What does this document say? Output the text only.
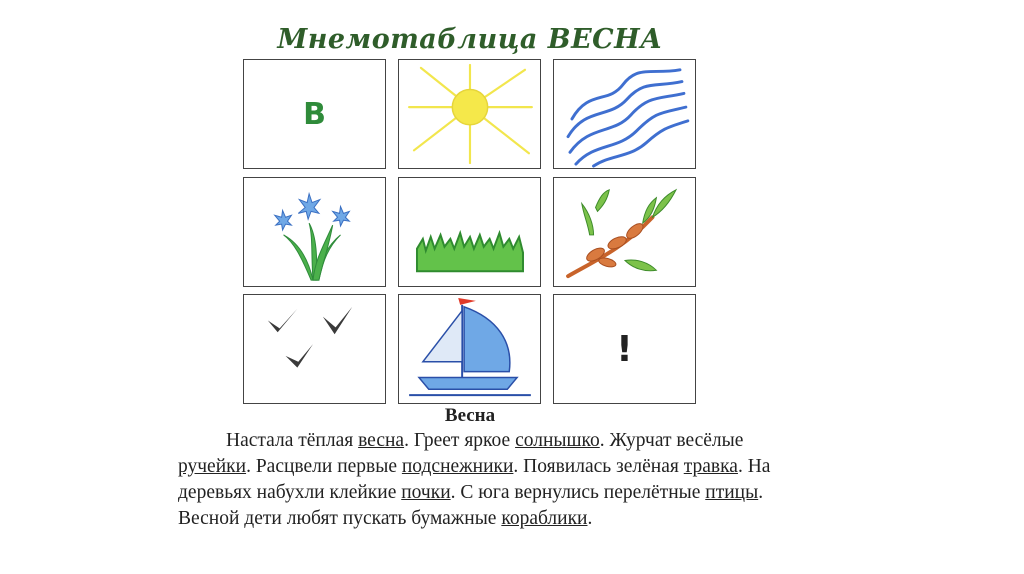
Мнемотаблица ВЕСНА
В
!
Весна
Настала тёплая весна. Греет яркое солнышко. Журчат весёлые ручейки. Расцвели первые подснежники. Появилась зелёная травка. На деревьях набухли клейкие почки. С юга вернулись перелётные птицы. Весной дети любят пускать бумажные кораблики.
